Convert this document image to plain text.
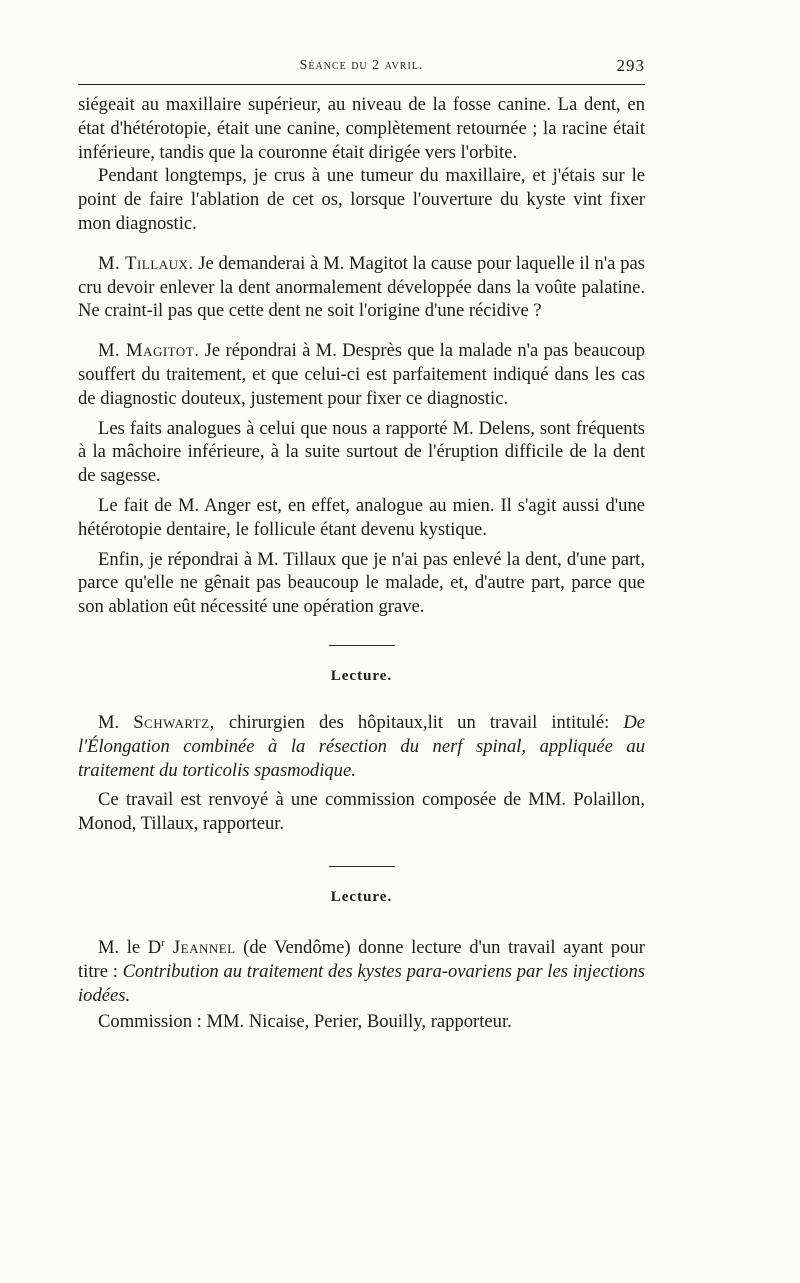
Séance du 2 avril.	293

siégeait au maxillaire supérieur, au niveau de la fosse canine. La dent, en état d'hétérotopie, était une canine, complètement retournée ; la racine était inférieure, tandis que la couronne était dirigée vers l'orbite.

Pendant longtemps, je crus à une tumeur du maxillaire, et j'étais sur le point de faire l'ablation de cet os, lorsque l'ouverture du kyste vint fixer mon diagnostic.

M. Tillaux. Je demanderai à M. Magitot la cause pour laquelle il n'a pas cru devoir enlever la dent anormalement développée dans la voûte palatine. Ne craint-il pas que cette dent ne soit l'origine d'une récidive ?

M. Magitot. Je répondrai à M. Desprès que la malade n'a pas beaucoup souffert du traitement, et que celui-ci est parfaitement indiqué dans les cas de diagnostic douteux, justement pour fixer ce diagnostic.

Les faits analogues à celui que nous a rapporté M. Delens, sont fréquents à la mâchoire inférieure, à la suite surtout de l'éruption difficile de la dent de sagesse.

Le fait de M. Anger est, en effet, analogue au mien. Il s'agit aussi d'une hétérotopie dentaire, le follicule étant devenu kystique.

Enfin, je répondrai à M. Tillaux que je n'ai pas enlevé la dent, d'une part, parce qu'elle ne gênait pas beaucoup le malade, et, d'autre part, parce que son ablation eût nécessité une opération grave.

Lecture.

M. Schwartz, chirurgien des hôpitaux,lit un travail intitulé: De l'Élongation combinée à la résection du nerf spinal, appliquée au traitement du torticolis spasmodique.

Ce travail est renvoyé à une commission composée de MM. Polaillon, Monod, Tillaux, rapporteur.

Lecture.

M. le $D^r$ Jeannel (de Vendôme) donne lecture d'un travail ayant pour titre : Contribution au traitement des kystes para-ovariens par les injections iodées.

Commission : MM. Nicaise, Perier, Bouilly, rapporteur.
